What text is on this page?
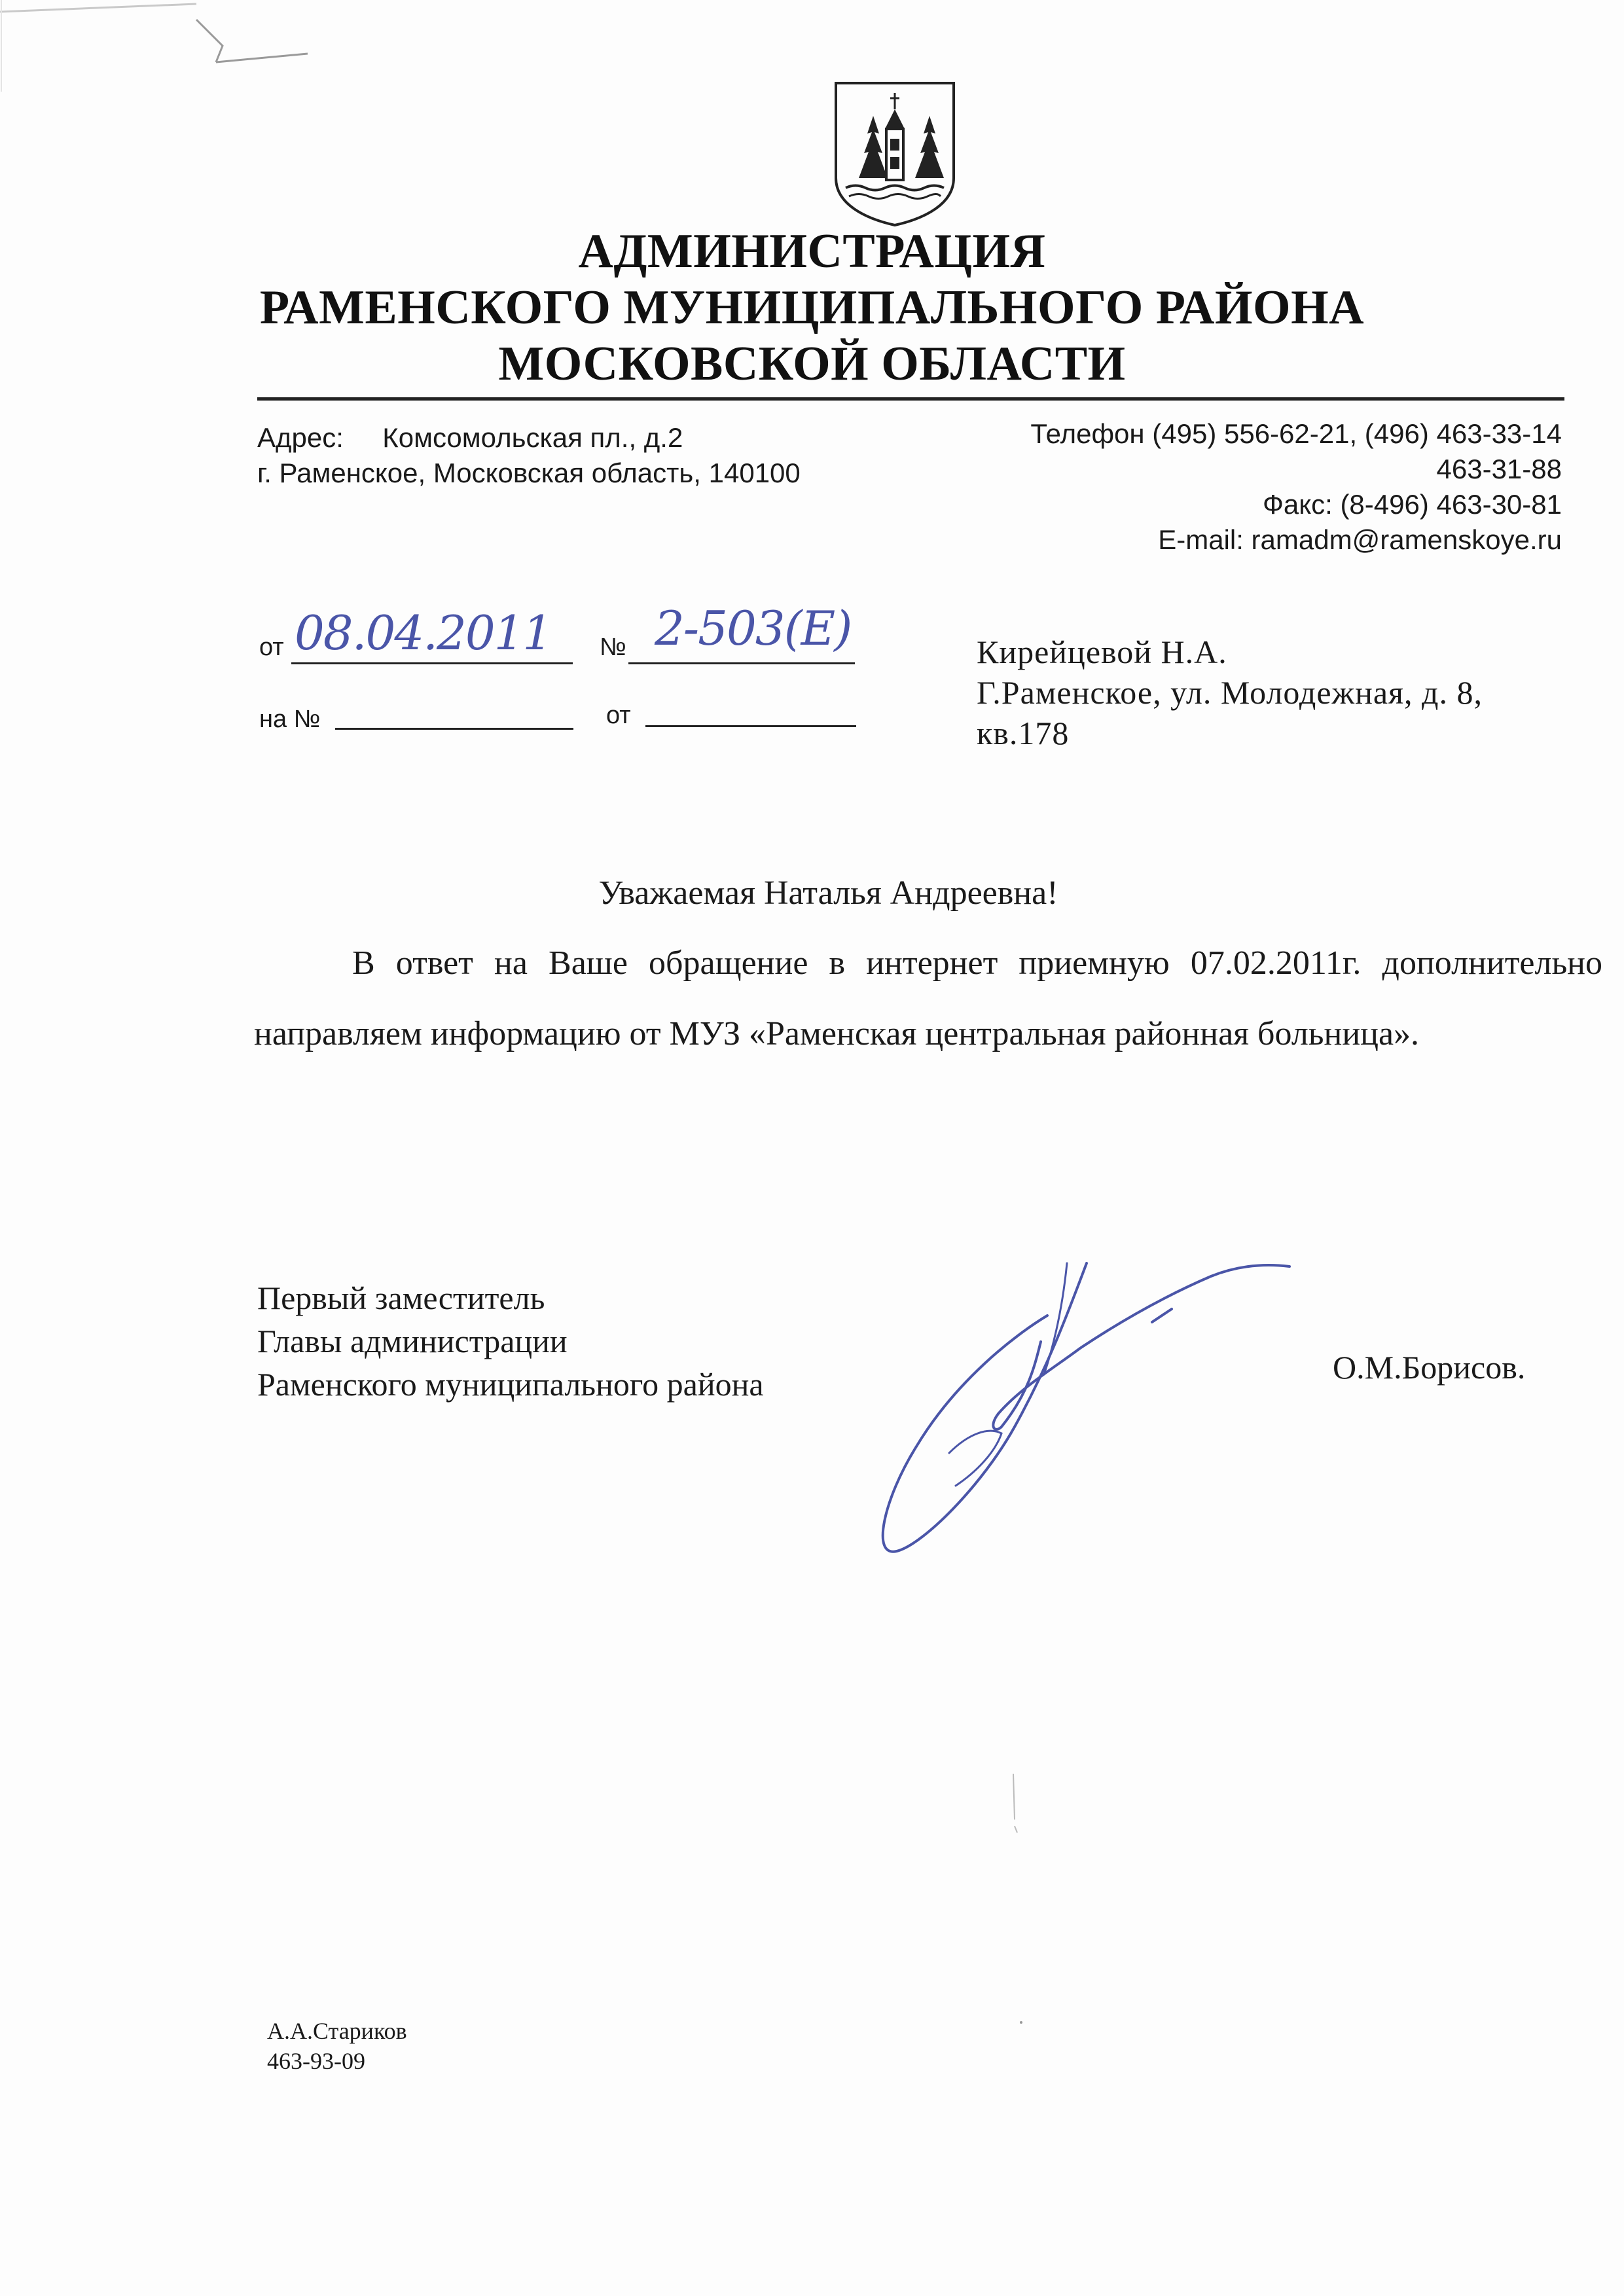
АДМИНИСТРАЦИЯ
РАМЕНСКОГО МУНИЦИПАЛЬНОГО РАЙОНА
МОСКОВСКОЙ ОБЛАСТИ
Адрес: Комсомольская пл., д.2
г. Раменское, Московская область, 140100
Телефон (495) 556-62-21, (496) 463-33-14
463-31-88
Факс: (8-496) 463-30-81
E-mail: ramadm@ramenskoye.ru
от 08.04.2011 № 2-503(Е)
на №	от
Кирейцевой Н.А.
Г.Раменское, ул. Молодежная, д. 8,
кв.178
Уважаемая Наталья Андреевна!
В ответ на Ваше обращение в интернет приемную 07.02.2011г. дополнительно направляем информацию от МУЗ «Раменская центральная районная больница».
Первый заместитель
Главы администрации
Раменского муниципального района	О.М.Борисов.
А.А.Стариков
463-93-09
